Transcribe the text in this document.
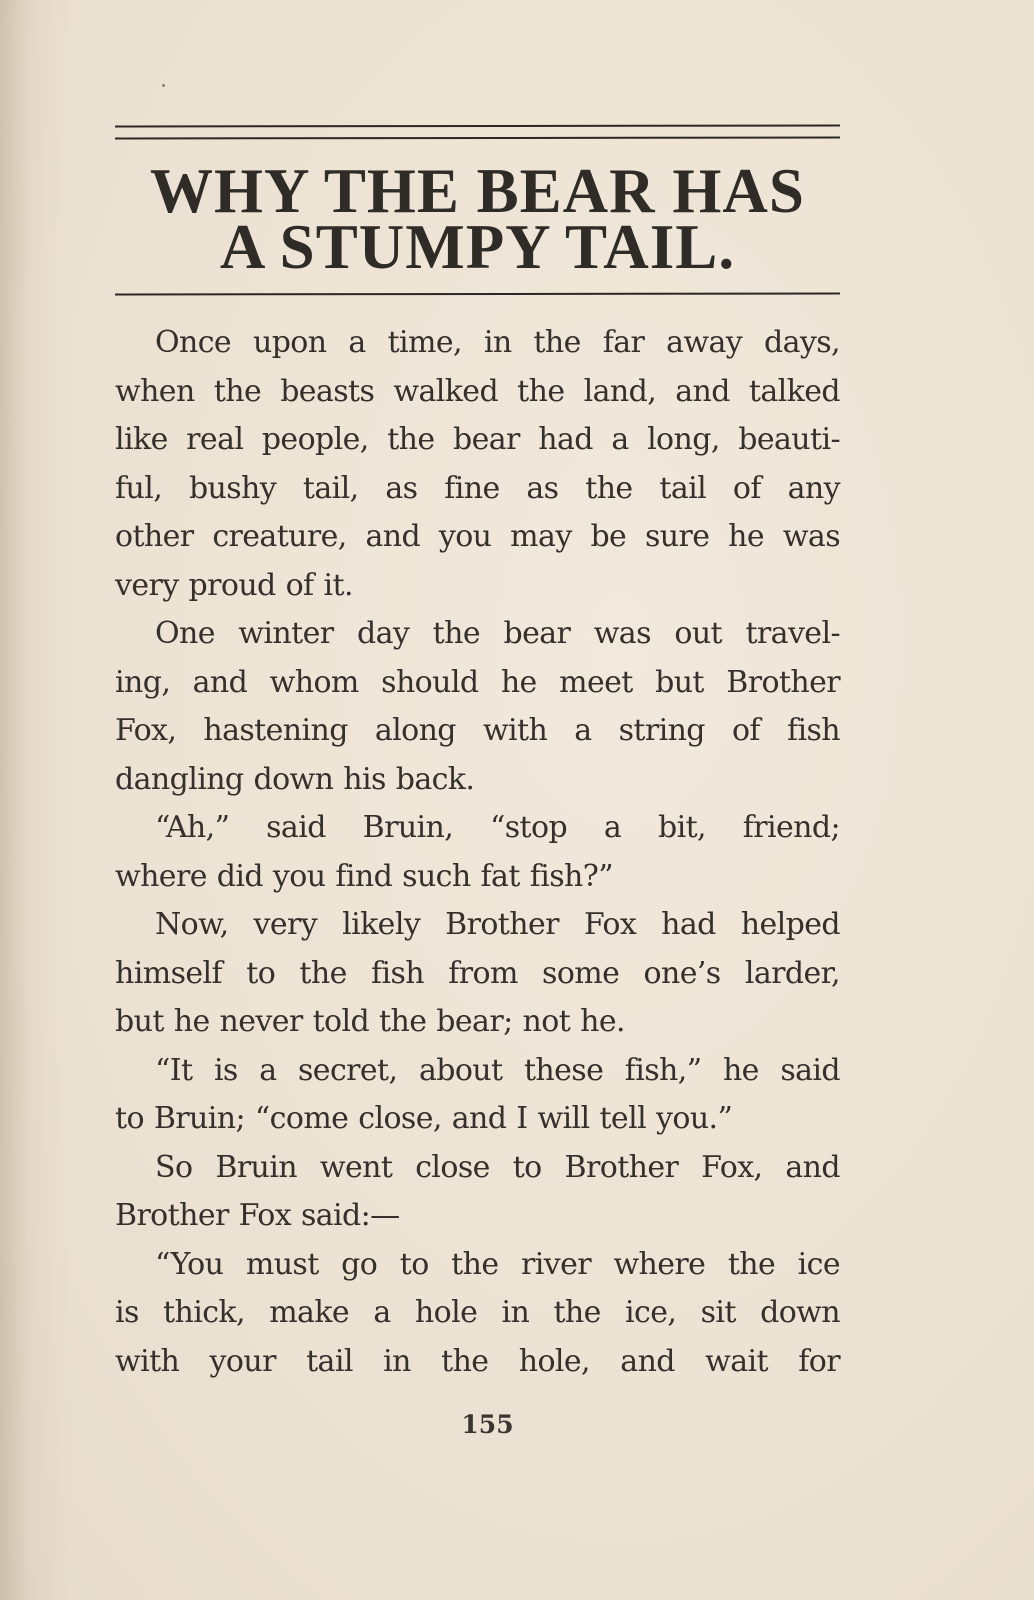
WHY THE BEAR HAS
A STUMPY TAIL.
Once upon a time, in the far away days,
when the beasts walked the land, and talked
like real people, the bear had a long, beauti-
ful, bushy tail, as fine as the tail of any
other creature, and you may be sure he was
very proud of it.
One winter day the bear was out travel-
ing, and whom should he meet but Brother
Fox, hastening along with a string of fish
dangling down his back.
“Ah,” said Bruin, “stop a bit, friend;
where did you find such fat fish?”
Now, very likely Brother Fox had helped
himself to the fish from some one’s larder,
but he never told the bear; not he.
“It is a secret, about these fish,” he said
to Bruin; “come close, and I will tell you.”
So Bruin went close to Brother Fox, and
Brother Fox said:—
“You must go to the river where the ice
is thick, make a hole in the ice, sit down
with your tail in the hole, and wait for
155
